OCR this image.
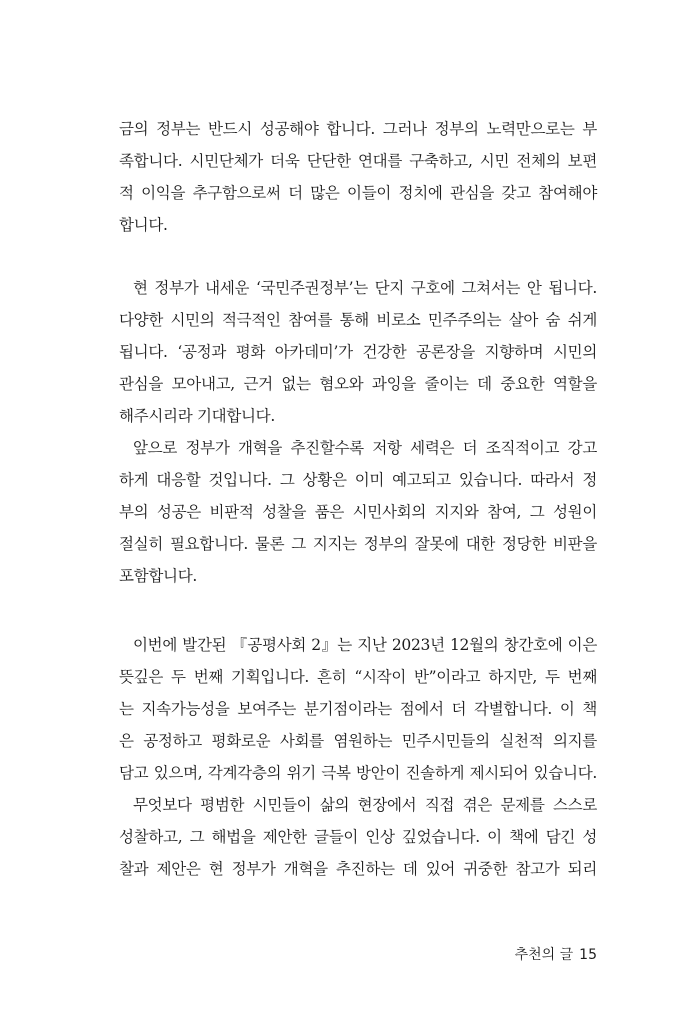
금의 정부는 반드시 성공해야 합니다. 그러나 정부의 노력만으로는 부
족합니다. 시민단체가 더욱 단단한 연대를 구축하고, 시민 전체의 보편
적 이익을 추구함으로써 더 많은 이들이 정치에 관심을 갖고 참여해야
합니다.
현 정부가 내세운 ‘국민주권정부’는 단지 구호에 그쳐서는 안 됩니다.
다양한 시민의 적극적인 참여를 통해 비로소 민주주의는 살아 숨 쉬게
됩니다. ‘공정과 평화 아카데미’가 건강한 공론장을 지향하며 시민의
관심을 모아내고, 근거 없는 혐오와 과잉을 줄이는 데 중요한 역할을
해주시리라 기대합니다.
앞으로 정부가 개혁을 추진할수록 저항 세력은 더 조직적이고 강고
하게 대응할 것입니다. 그 상황은 이미 예고되고 있습니다. 따라서 정
부의 성공은 비판적 성찰을 품은 시민사회의 지지와 참여, 그 성원이
절실히 필요합니다. 물론 그 지지는 정부의 잘못에 대한 정당한 비판을
포함합니다.
이번에 발간된 『공평사회 2』는 지난 2023년 12월의 창간호에 이은
뜻깊은 두 번째 기획입니다. 흔히 “시작이 반”이라고 하지만, 두 번째
는 지속가능성을 보여주는 분기점이라는 점에서 더 각별합니다. 이 책
은 공정하고 평화로운 사회를 염원하는 민주시민들의 실천적 의지를
담고 있으며, 각계각층의 위기 극복 방안이 진솔하게 제시되어 있습니다.
무엇보다 평범한 시민들이 삶의 현장에서 직접 겪은 문제를 스스로
성찰하고, 그 해법을 제안한 글들이 인상 깊었습니다. 이 책에 담긴 성
찰과 제안은 현 정부가 개혁을 추진하는 데 있어 귀중한 참고가 되리
추천의 글 15
